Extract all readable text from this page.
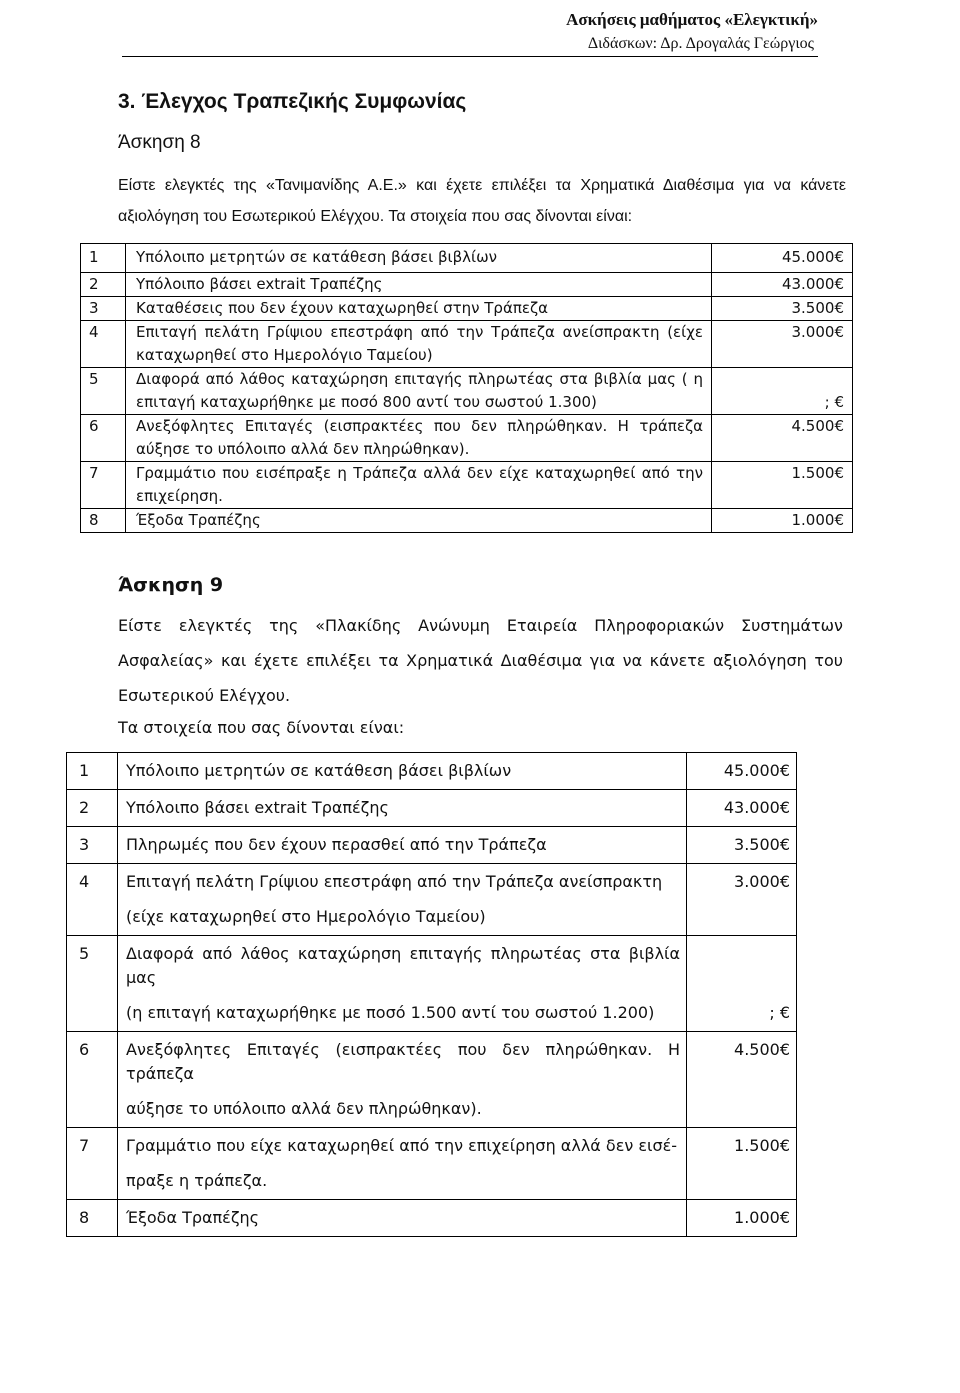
Ασκήσεις μαθήματος «Ελεγκτική»
Διδάσκων: Δρ. Δρογαλάς Γεώργιος
3. Έλεγχος Τραπεζικής Συμφωνίας
Άσκηση 8

Είστε ελεγκτές της «Τανιμανίδης Α.Ε.» και έχετε επιλέξει τα Χρηματικά Διαθέσιμα για να κάνετε αξιολόγηση του Εσωτερικού Ελέγχου. Τα στοιχεία που σας δίνονται είναι:

1	Υπόλοιπο μετρητών σε κατάθεση βάσει βιβλίων	45.000€
2	Υπόλοιπο βάσει extrait Τραπέζης	43.000€
3	Καταθέσεις που δεν έχουν καταχωρηθεί στην Τράπεζα	3.500€
4	Επιταγή πελάτη Γρίψιου επεστράφη από την Τράπεζα ανείσπρακτη (είχε καταχωρηθεί στο Ημερολόγιο Ταμείου)	3.000€
5	Διαφορά από λάθος καταχώρηση επιταγής πληρωτέας στα βιβλία μας ( η επιταγή καταχωρήθηκε με ποσό 800 αντί του σωστού 1.300)	; €
6	Ανεξόφλητες Επιταγές (εισπρακτέες που δεν πληρώθηκαν. Η τράπεζα αύξησε το υπόλοιπο αλλά δεν πληρώθηκαν).	4.500€
7	Γραμμάτιο που εισέπραξε η Τράπεζα αλλά δεν είχε καταχωρηθεί από την επιχείρηση.	1.500€
8	Έξοδα Τραπέζης	1.000€
Άσκηση 9

Είστε ελεγκτές της «Πλακίδης Ανώνυμη Εταιρεία Πληροφοριακών Συστημάτων Ασφαλείας» και έχετε επιλέξει τα Χρηματικά Διαθέσιμα για να κάνετε αξιολόγηση του Εσωτερικού Ελέγχου.

Τα στοιχεία που σας δίνονται είναι:
1	Υπόλοιπο μετρητών σε κατάθεση βάσει βιβλίων	45.000€
2	Υπόλοιπο βάσει extrait Τραπέζης	43.000€
3	Πληρωμές που δεν έχουν περασθεί από την Τράπεζα	3.500€
4	Επιταγή πελάτη Γρίψιου επεστράφη από την Τράπεζα ανείσπρακτη
(είχε καταχωρηθεί στο Ημερολόγιο Ταμείου)	3.000€
5	Διαφορά από λάθος καταχώρηση επιταγής πληρωτέας στα βιβλία μας
(η επιταγή καταχωρήθηκε με ποσό 1.500 αντί του σωστού 1.200)	; €
6	Ανεξόφλητες Επιταγές (εισπρακτέες που δεν πληρώθηκαν. Η τράπεζα
αύξησε το υπόλοιπο αλλά δεν πληρώθηκαν).	4.500€
7	Γραμμάτιο που είχε καταχωρηθεί από την επιχείρηση αλλά δεν εισέ-
πραξε η τράπεζα.	1.500€
8	Έξοδα Τραπέζης	1.000€
